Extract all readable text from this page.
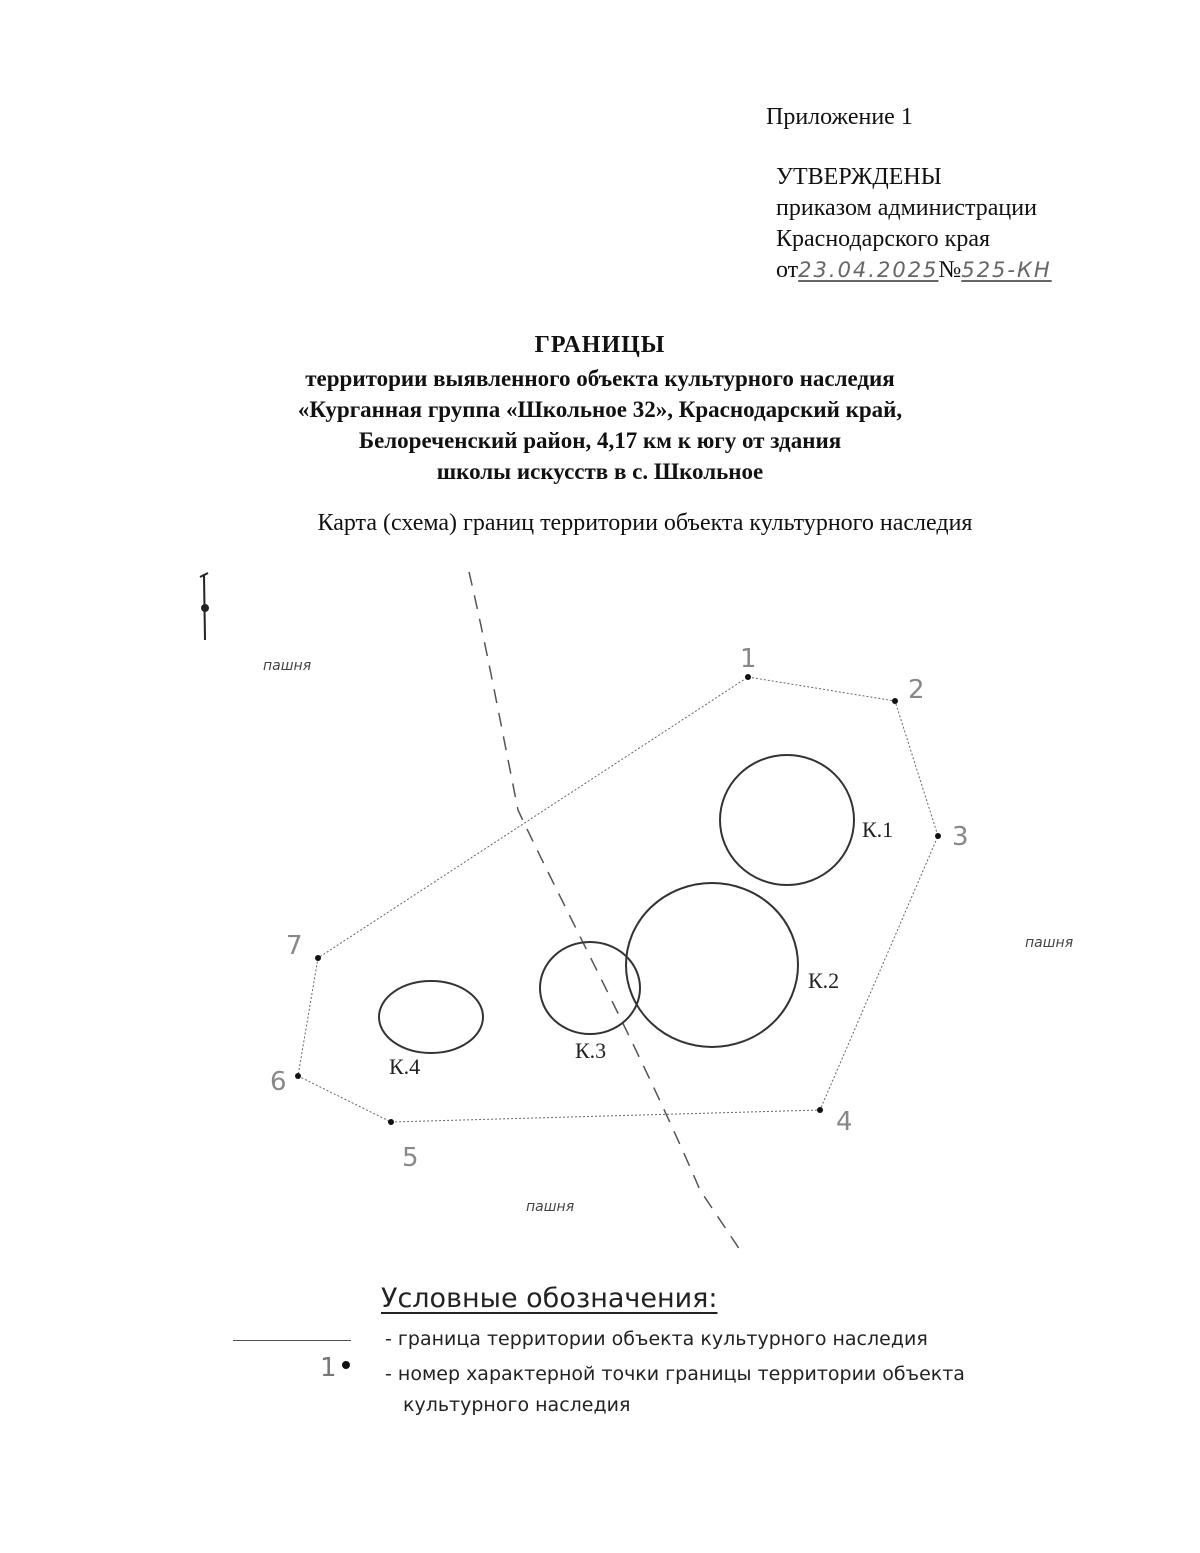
Приложение 1
УТВЕРЖДЕНЫ
приказом администрации
Краснодарского края
от23.04.2025№525-КН
ГРАНИЦЫ
территории выявленного объекта культурного наследия
«Курганная группа «Школьное 32», Краснодарский край,
Белореченский район, 4,17 км к югу от здания
школы искусств в с. Школьное
Карта (схема) границ территории объекта культурного наследия
К.1
К.2
К.3
К.4
1
2
3
4
5
6
7
пашня
пашня
пашня
Условные обозначения:
- граница территории объекта культурного наследия
1	- номер характерной точки границы территории объекта
культурного наследия
